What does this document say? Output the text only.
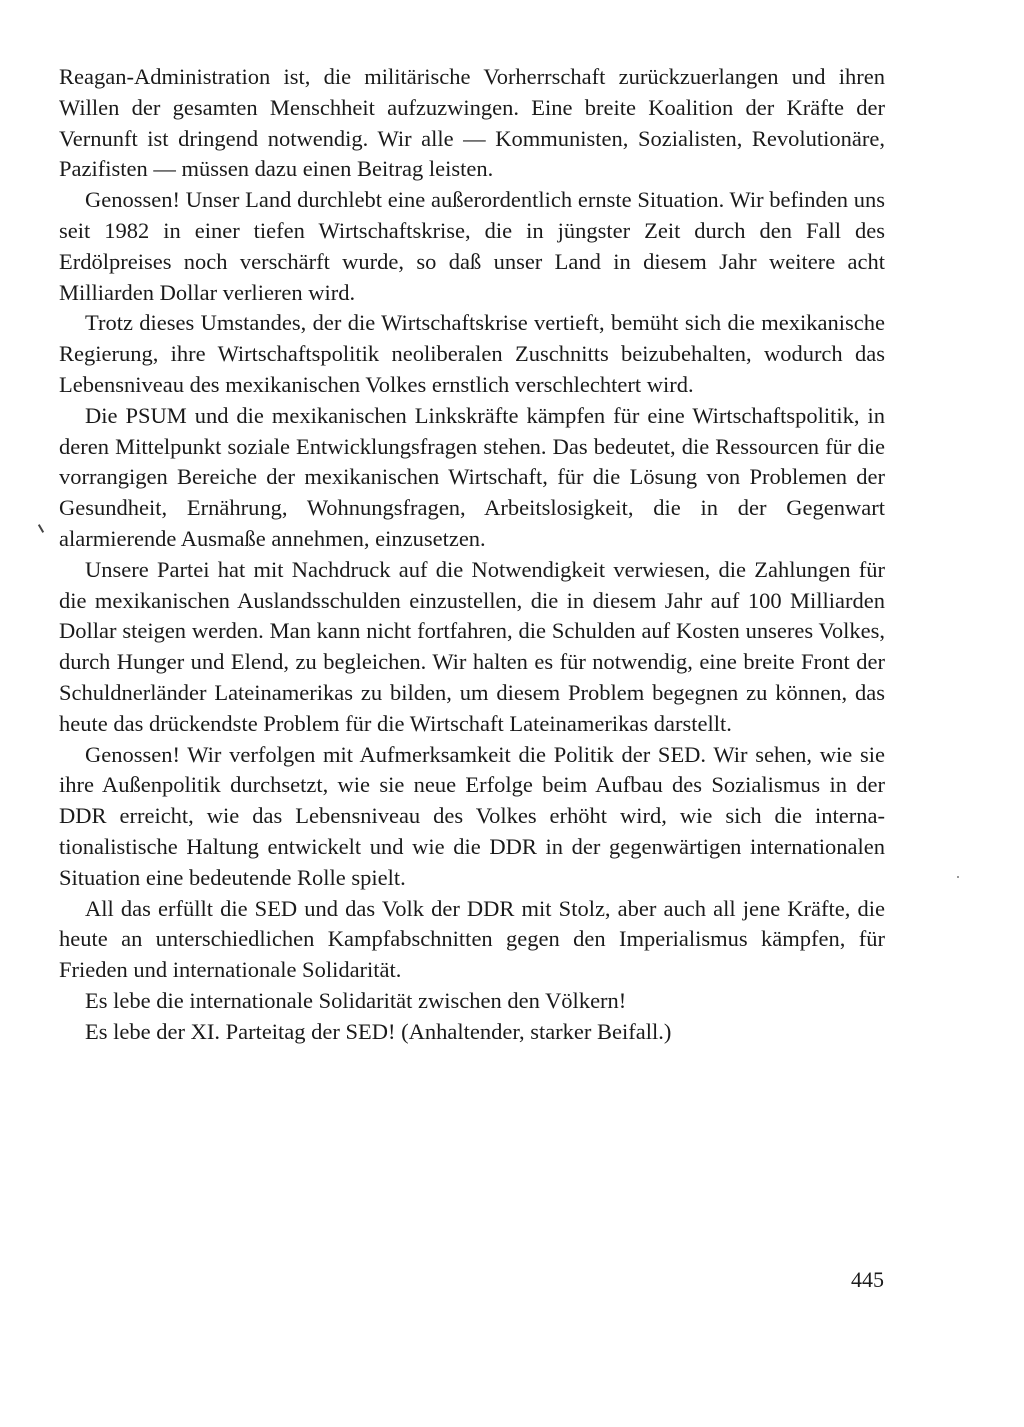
Reagan-Administration ist, die militärische Vorherrschaft zurückzuerlangen und ihren Willen der gesamten Menschheit aufzuzwingen. Eine breite Koalition der Kräfte der Vernunft ist dringend notwendig. Wir alle — Kommunisten, Sozialisten, Revolutionäre, Pazifisten — müssen dazu einen Beitrag leisten.

Genossen! Unser Land durchlebt eine außerordentlich ernste Situation. Wir befinden uns seit 1982 in einer tiefen Wirtschaftskrise, die in jüngster Zeit durch den Fall des Erdölpreises noch verschärft wurde, so daß unser Land in diesem Jahr weitere acht Milliarden Dollar verlieren wird.

Trotz dieses Umstandes, der die Wirtschaftskrise vertieft, bemüht sich die mexikanische Regierung, ihre Wirtschaftspolitik neoliberalen Zuschnitts beizubehalten, wodurch das Lebensniveau des mexikanischen Volkes ernstlich verschlechtert wird.

Die PSUM und die mexikanischen Linkskräfte kämpfen für eine Wirtschaftspolitik, in deren Mittelpunkt soziale Entwicklungsfragen stehen. Das bedeutet, die Ressourcen für die vorrangigen Bereiche der mexikanischen Wirtschaft, für die Lösung von Problemen der Gesundheit, Ernährung, Wohnungsfragen, Arbeitslosigkeit, die in der Gegenwart alarmierende Ausmaße annehmen, einzusetzen.

Unsere Partei hat mit Nachdruck auf die Notwendigkeit verwiesen, die Zahlungen für die mexikanischen Auslandsschulden einzustellen, die in diesem Jahr auf 100 Milliarden Dollar steigen werden. Man kann nicht fortfahren, die Schulden auf Kosten unseres Volkes, durch Hunger und Elend, zu begleichen. Wir halten es für notwendig, eine breite Front der Schuldnerländer Lateinamerikas zu bilden, um diesem Problem begegnen zu können, das heute das drückendste Problem für die Wirtschaft Lateinamerikas darstellt.

Genossen! Wir verfolgen mit Aufmerksamkeit die Politik der SED. Wir sehen, wie sie ihre Außenpolitik durchsetzt, wie sie neue Erfolge beim Aufbau des Sozialismus in der DDR erreicht, wie das Lebensniveau des Volkes erhöht wird, wie sich die internationalistische Haltung entwickelt und wie die DDR in der gegenwärtigen internationalen Situation eine bedeutende Rolle spielt.

All das erfüllt die SED und das Volk der DDR mit Stolz, aber auch all jene Kräfte, die heute an unterschiedlichen Kampfabschnitten gegen den Imperialismus kämpfen, für Frieden und internationale Solidarität.

Es lebe die internationale Solidarität zwischen den Völkern!

Es lebe der XI. Parteitag der SED! (Anhaltender, starker Beifall.)

445
